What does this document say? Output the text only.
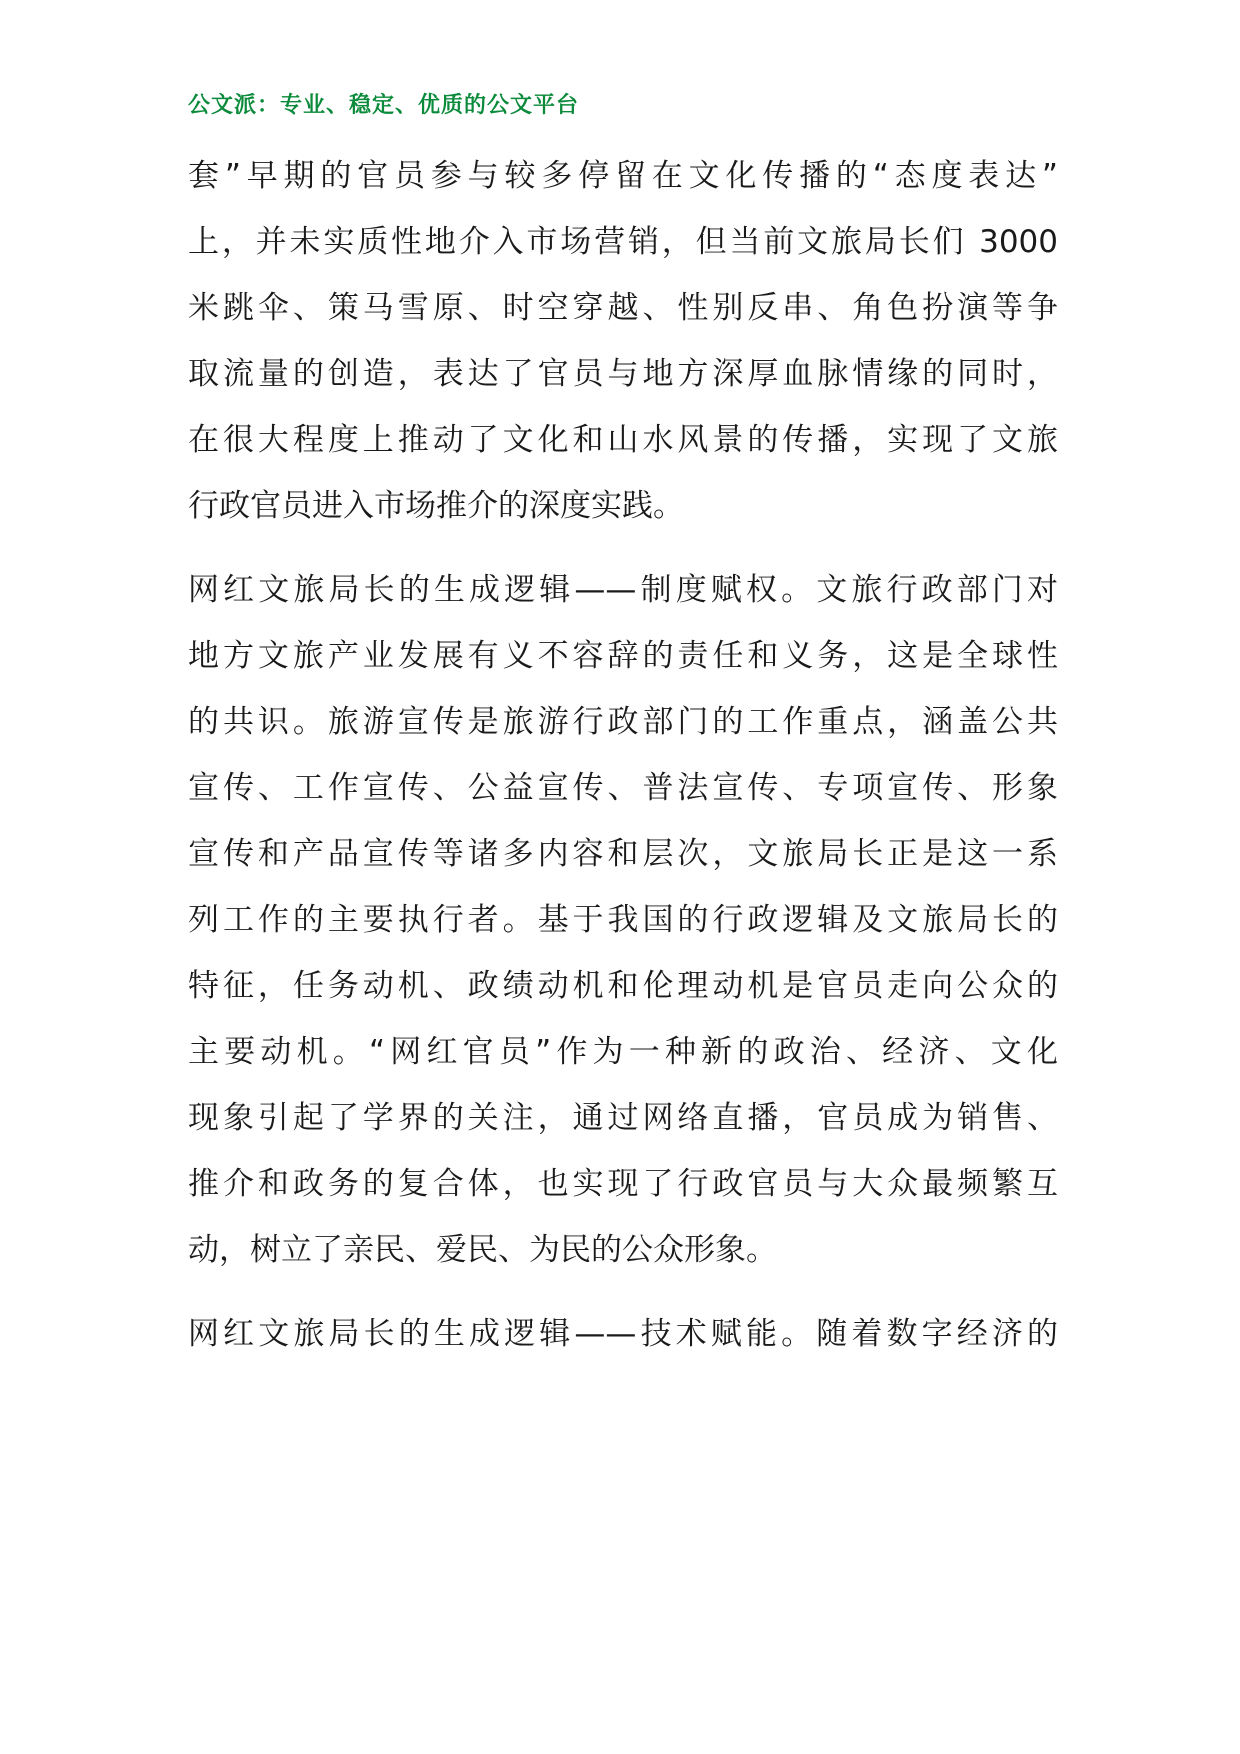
公文派：专业、稳定、优质的公文平台
套”早期的官员参与较多停留在文化传播的“态度表达”
上，并未实质性地介入市场营销，但当前文旅局长们 3000
米跳伞、策马雪原、时空穿越、性别反串、角色扮演等争
取流量的创造，表达了官员与地方深厚血脉情缘的同时，
在很大程度上推动了文化和山水风景的传播，实现了文旅
行政官员进入市场推介的深度实践。
网红文旅局长的生成逻辑——制度赋权。文旅行政部门对
地方文旅产业发展有义不容辞的责任和义务，这是全球性
的共识。旅游宣传是旅游行政部门的工作重点，涵盖公共
宣传、工作宣传、公益宣传、普法宣传、专项宣传、形象
宣传和产品宣传等诸多内容和层次，文旅局长正是这一系
列工作的主要执行者。基于我国的行政逻辑及文旅局长的
特征，任务动机、政绩动机和伦理动机是官员走向公众的
主要动机。“网红官员”作为一种新的政治、经济、文化
现象引起了学界的关注，通过网络直播，官员成为销售、
推介和政务的复合体，也实现了行政官员与大众最频繁互
动，树立了亲民、爱民、为民的公众形象。
网红文旅局长的生成逻辑——技术赋能。随着数字经济的
